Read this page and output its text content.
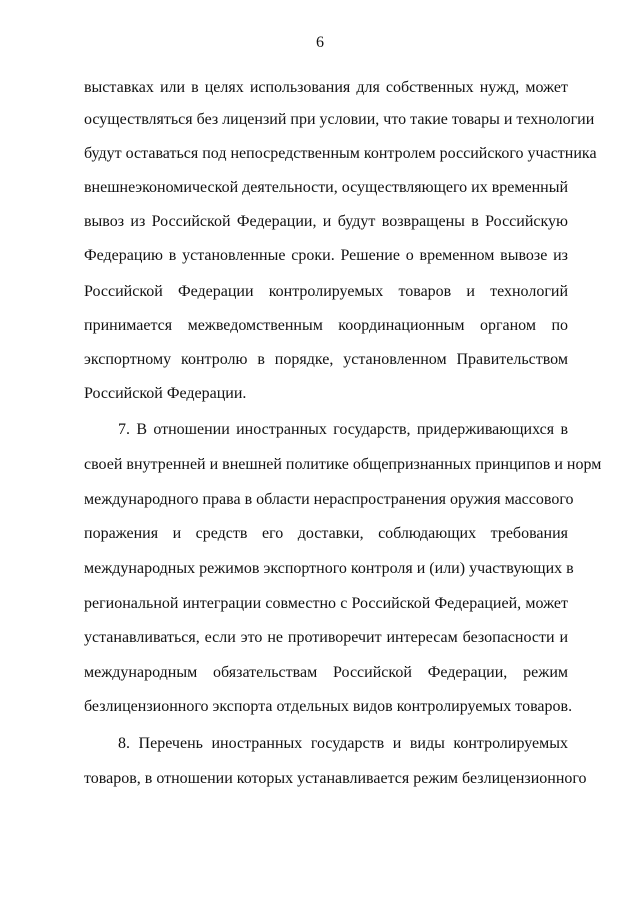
6
выставках или в целях использования для собственных нужд, может
осуществляться без лицензий при условии, что такие товары и технологии
будут оставаться под непосредственным контролем российского участника
внешнеэкономической деятельности, осуществляющего их временный
вывоз из Российской Федерации, и будут возвращены в Российскую
Федерацию в установленные сроки. Решение о временном вывозе из
Российской Федерации контролируемых товаров и технологий
принимается межведомственным координационным органом по
экспортному контролю в порядке, установленном Правительством
Российской Федерации.
7. В отношении иностранных государств, придерживающихся в
своей внутренней и внешней политике общепризнанных принципов и норм
международного права в области нераспространения оружия массового
поражения и средств его доставки, соблюдающих требования
международных режимов экспортного контроля и (или) участвующих в
региональной интеграции совместно с Российской Федерацией, может
устанавливаться, если это не противоречит интересам безопасности и
международным обязательствам Российской Федерации, режим
безлицензионного экспорта отдельных видов контролируемых товаров.
8. Перечень иностранных государств и виды контролируемых
товаров, в отношении которых устанавливается режим безлицензионного
